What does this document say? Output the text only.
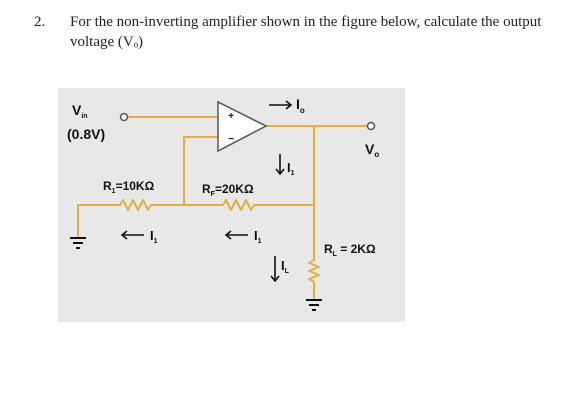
2. For the non-inverting amplifier shown in the figure below, calculate the output voltage (Vₒ)
+
−
$V_{in}$
(0.8V)
$V_o$
$I_o$
$R_1=10K\Omega$	$R_F=20K\Omega$
$R_L = 2K\Omega$
$I_1$
$I_1$	$I_1$
$I_L$
